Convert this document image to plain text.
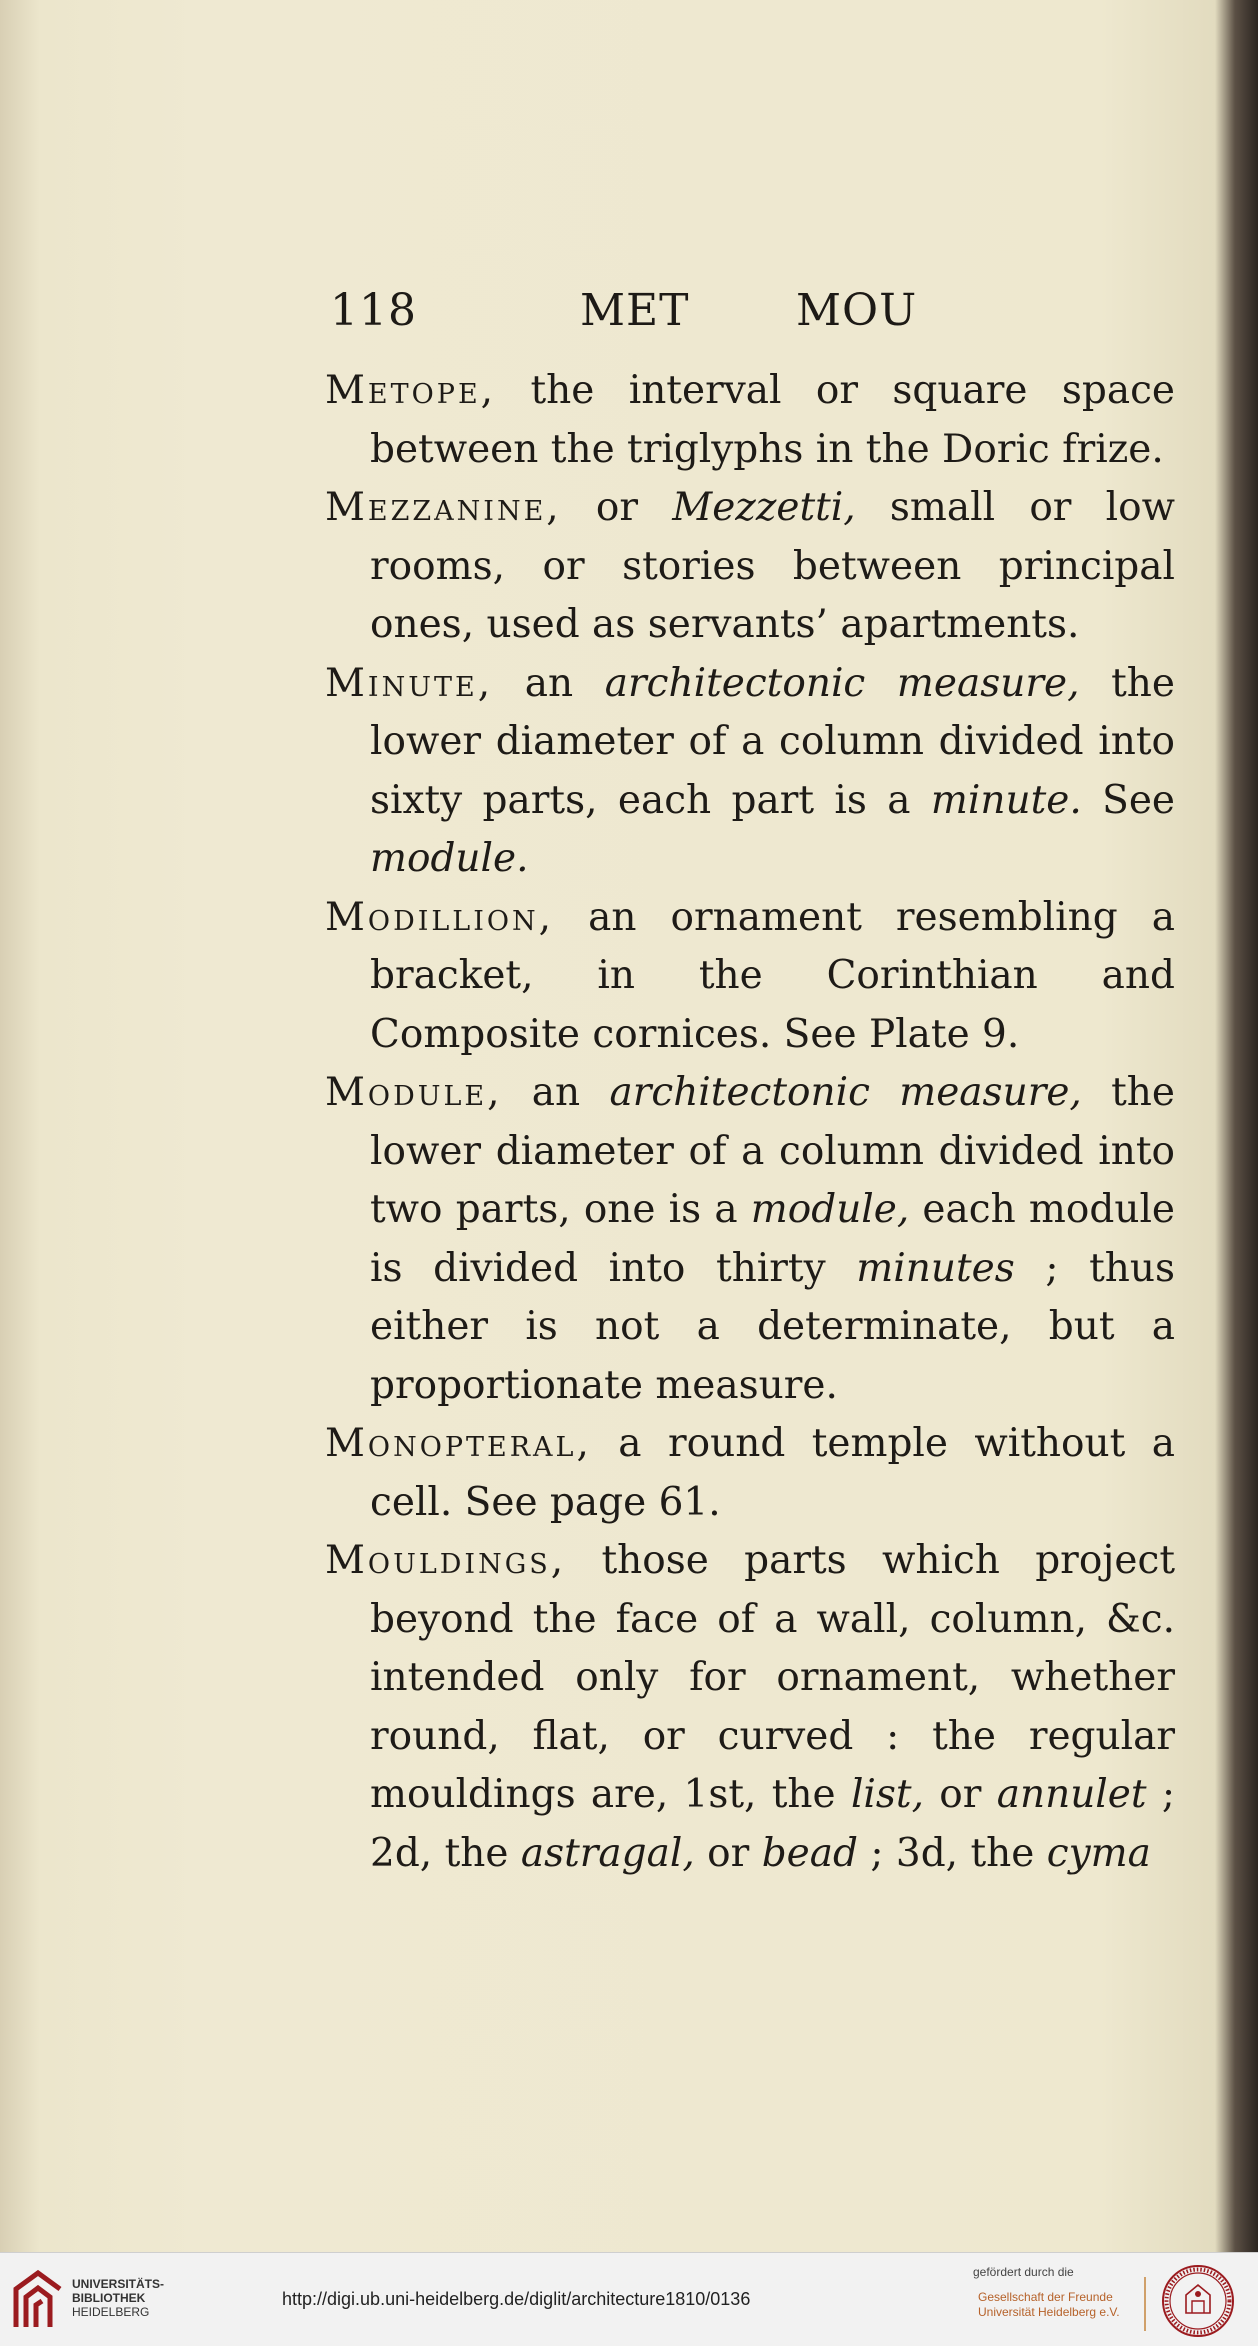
118	MET MOU

Metope, the interval or square space between the triglyphs in the Doric frize.

Mezzanine, or Mezzetti, small or low rooms, or stories between principal ones, used as servants’ apartments.

Minute, an architectonic measure, the lower diameter of a column divided into sixty parts, each part is a minute. See module.

Modillion, an ornament resembling a bracket, in the Corinthian and Composite cornices. See Plate 9.

Module, an architectonic measure, the lower diameter of a column divided into two parts, one is a module, each module is divided into thirty minutes ; thus either is not a determinate, but a proportionate measure.

Monopteral, a round temple without a cell. See page 61.

Mouldings, those parts which project beyond the face of a wall, column, &c. intended only for ornament, whether round, flat, or curved : the regular mouldings are, 1st, the list, or annulet ; 2d, the astragal, or bead ; 3d, the cyma

UNIVERSITÄTS-
BIBLIOTHEK
HEIDELBERG
http://digi.ub.uni-heidelberg.de/diglit/architecture1810/0136
gefördert durch die
Gesellschaft der Freunde
Universität Heidelberg e.V.
